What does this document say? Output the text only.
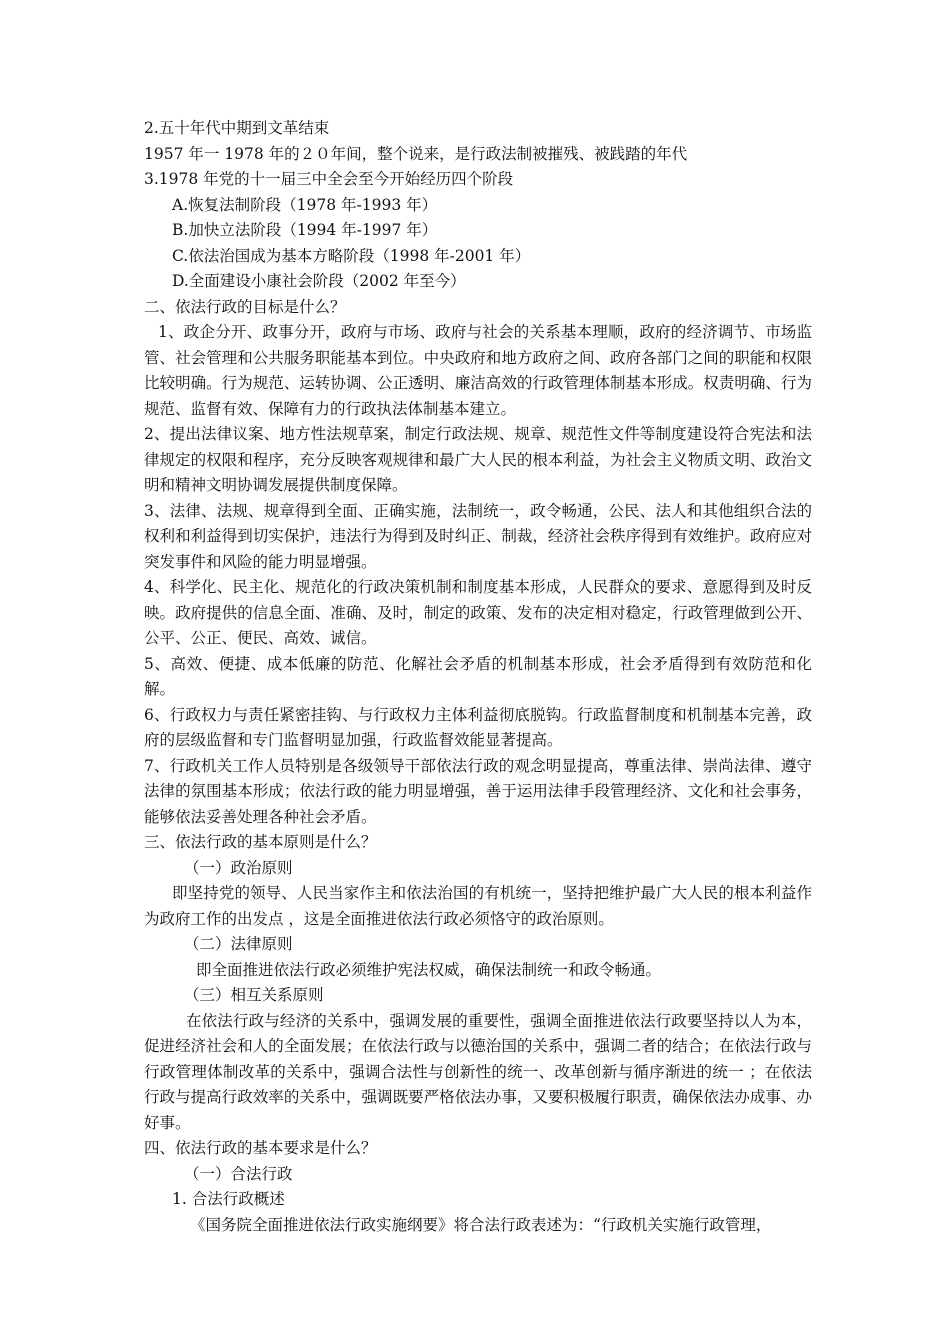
2.五十年代中期到文革结束
1957 年一 1978 年的２０年间，整个说来，是行政法制被摧残、被践踏的年代
3.1978 年党的十一届三中全会至今开始经历四个阶段
A.恢复法制阶段（1978 年-1993 年）
B.加快立法阶段（1994 年-1997 年）
C.依法治国成为基本方略阶段（1998 年-2001 年）
D.全面建设小康社会阶段（2002 年至今）
二、依法行政的目标是什么？

1、政企分开、政事分开，政府与市场、政府与社会的关系基本理顺，政府的经济调节、市场监管、社会管理和公共服务职能基本到位。中央政府和地方政府之间、政府各部门之间的职能和权限比较明确。行为规范、运转协调、公正透明、廉洁高效的行政管理体制基本形成。权责明确、行为规范、监督有效、保障有力的行政执法体制基本建立。

2、提出法律议案、地方性法规草案，制定行政法规、规章、规范性文件等制度建设符合宪法和法律规定的权限和程序，充分反映客观规律和最广大人民的根本利益，为社会主义物质文明、政治文明和精神文明协调发展提供制度保障。

3、法律、法规、规章得到全面、正确实施，法制统一，政令畅通，公民、法人和其他组织合法的权利和利益得到切实保护，违法行为得到及时纠正、制裁，经济社会秩序得到有效维护。政府应对突发事件和风险的能力明显增强。

4、科学化、民主化、规范化的行政决策机制和制度基本形成，人民群众的要求、意愿得到及时反映。政府提供的信息全面、准确、及时，制定的政策、发布的决定相对稳定，行政管理做到公开、公平、公正、便民、高效、诚信。

5、高效、便捷、成本低廉的防范、化解社会矛盾的机制基本形成，社会矛盾得到有效防范和化解。

6、行政权力与责任紧密挂钩、与行政权力主体利益彻底脱钩。行政监督制度和机制基本完善，政府的层级监督和专门监督明显加强，行政监督效能显著提高。

7、行政机关工作人员特别是各级领导干部依法行政的观念明显提高，尊重法律、崇尚法律、遵守法律的氛围基本形成；依法行政的能力明显增强，善于运用法律手段管理经济、文化和社会事务，能够依法妥善处理各种社会矛盾。

三、依法行政的基本原则是什么？
（一）政治原则

即坚持党的领导、人民当家作主和依法治国的有机统一，坚持把维护最广大人民的根本利益作为政府工作的出发点 ，这是全面推进依法行政必须恪守的政治原则。

（二）法律原则
即全面推进依法行政必须维护宪法权威，确保法制统一和政令畅通。
（三）相互关系原则

在依法行政与经济的关系中，强调发展的重要性，强调全面推进依法行政要坚持以人为本，促进经济社会和人的全面发展；在依法行政与以德治国的关系中，强调二者的结合；在依法行政与行政管理体制改革的关系中，强调合法性与创新性的统一、改革创新与循序渐进的统一 ；在依法行政与提高行政效率的关系中，强调既要严格依法办事，又要积极履行职责，确保依法办成事、办好事。

四、依法行政的基本要求是什么？
（一）合法行政
1. 合法行政概述
《国务院全面推进依法行政实施纲要》将合法行政表述为：“行政机关实施行政管理，
